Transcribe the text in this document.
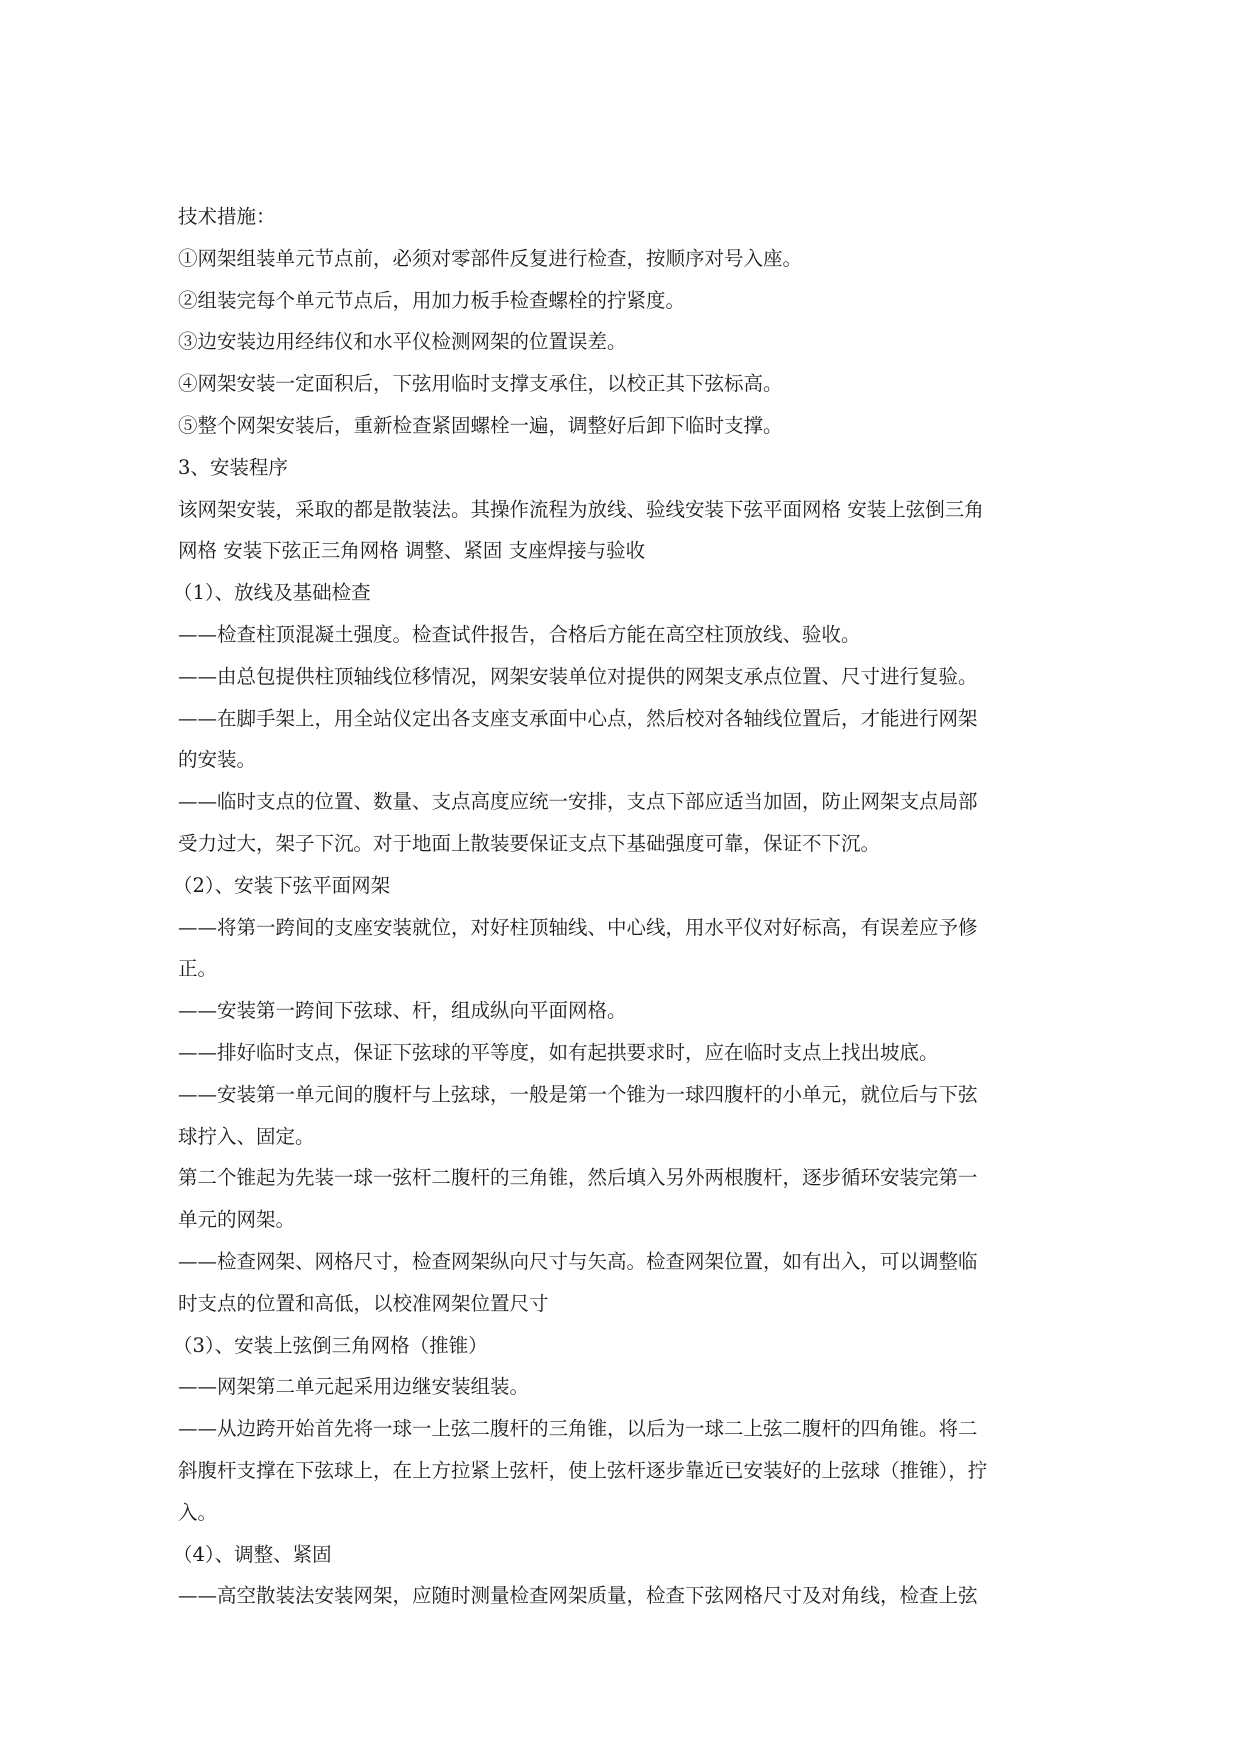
技术措施：

①网架组装单元节点前，必须对零部件反复进行检查，按顺序对号入座。

②组装完每个单元节点后，用加力板手检查螺栓的拧紧度。

③边安装边用经纬仪和水平仪检测网架的位置误差。

④网架安装一定面积后，下弦用临时支撑支承住，以校正其下弦标高。

⑤整个网架安装后，重新检查紧固螺栓一遍，调整好后卸下临时支撑。

3、安装程序

该网架安装，采取的都是散装法。其操作流程为放线、验线安装下弦平面网格 安装上弦倒三角

网格 安装下弦正三角网格 调整、紧固 支座焊接与验收

（1）、放线及基础检查

——检查柱顶混凝土强度。检查试件报告，合格后方能在高空柱顶放线、验收。

——由总包提供柱顶轴线位移情况，网架安装单位对提供的网架支承点位置、尺寸进行复验。

——在脚手架上，用全站仪定出各支座支承面中心点，然后校对各轴线位置后，才能进行网架

的安装。

——临时支点的位置、数量、支点高度应统一安排，支点下部应适当加固，防止网架支点局部

受力过大，架子下沉。对于地面上散装要保证支点下基础强度可靠，保证不下沉。

（2）、安装下弦平面网架

——将第一跨间的支座安装就位，对好柱顶轴线、中心线，用水平仪对好标高，有误差应予修

正。

——安装第一跨间下弦球、杆，组成纵向平面网格。

——排好临时支点，保证下弦球的平等度，如有起拱要求时，应在临时支点上找出坡底。

——安装第一单元间的腹杆与上弦球，一般是第一个锥为一球四腹杆的小单元，就位后与下弦

球拧入、固定。

第二个锥起为先装一球一弦杆二腹杆的三角锥，然后填入另外两根腹杆，逐步循环安装完第一

单元的网架。

——检查网架、网格尺寸，检查网架纵向尺寸与矢高。检查网架位置，如有出入，可以调整临

时支点的位置和高低，以校准网架位置尺寸

（3）、安装上弦倒三角网格（推锥）

——网架第二单元起采用边继安装组装。

——从边跨开始首先将一球一上弦二腹杆的三角锥，以后为一球二上弦二腹杆的四角锥。将二

斜腹杆支撑在下弦球上，在上方拉紧上弦杆，使上弦杆逐步靠近已安装好的上弦球（推锥），拧

入。

（4）、调整、紧固

——高空散装法安装网架，应随时测量检查网架质量，检查下弦网格尺寸及对角线，检查上弦
